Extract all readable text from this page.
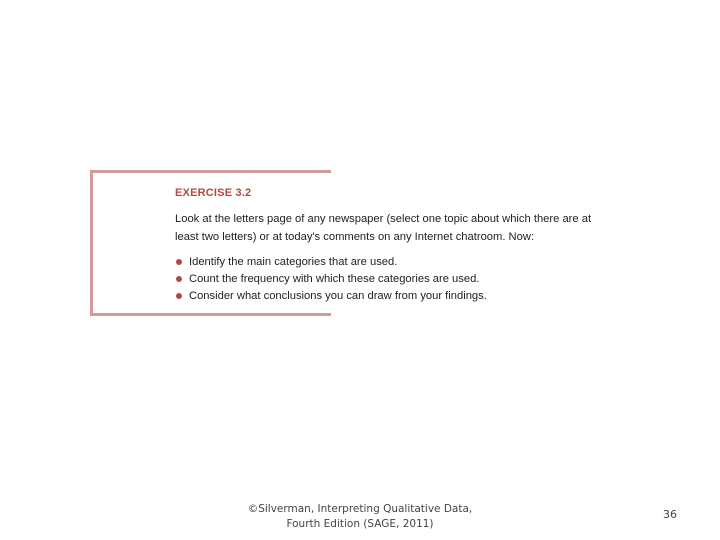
EXERCISE 3.2
Look at the letters page of any newspaper (select one topic about which there are at least two letters) or at today's comments on any Internet chatroom. Now:
Identify the main categories that are used.
Count the frequency with which these categories are used.
Consider what conclusions you can draw from your findings.
©Silverman, Interpreting Qualitative Data,
Fourth Edition (SAGE, 2011)
36
